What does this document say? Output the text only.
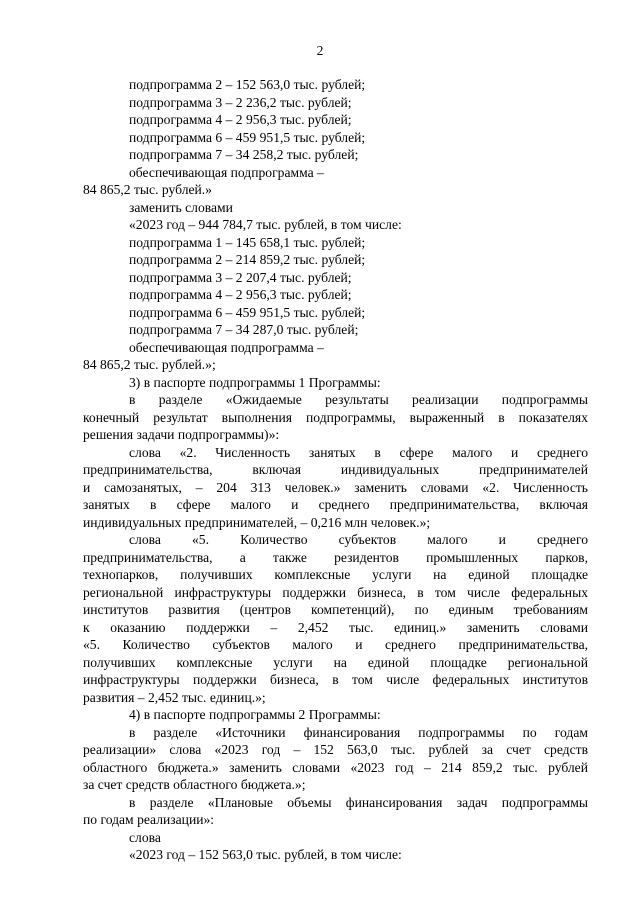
2
подпрограмма 2 – 152 563,0 тыс. рублей;
подпрограмма 3 – 2 236,2 тыс. рублей;
подпрограмма 4 – 2 956,3 тыс. рублей;
подпрограмма 6 – 459 951,5 тыс. рублей;
подпрограмма 7 – 34 258,2 тыс. рублей;
обеспечивающая подпрограмма –
84 865,2 тыс. рублей.»
заменить словами
«2023 год – 944 784,7 тыс. рублей, в том числе:
подпрограмма 1 – 145 658,1 тыс. рублей;
подпрограмма 2 – 214 859,2 тыс. рублей;
подпрограмма 3 – 2 207,4 тыс. рублей;
подпрограмма 4 – 2 956,3 тыс. рублей;
подпрограмма 6 – 459 951,5 тыс. рублей;
подпрограмма 7 – 34 287,0 тыс. рублей;
обеспечивающая подпрограмма –
84 865,2 тыс. рублей.»;
3) в паспорте подпрограммы 1 Программы:

в разделе «Ожидаемые результаты реализации подпрограммы
конечный результат выполнения подпрограммы, выраженный в показателях
решения задачи подпрограммы)»:

слова «2. Численность занятых в сфере малого и среднего
предпринимательства, включая индивидуальных предпринимателей
и самозанятых, – 204 313 человек.» заменить словами «2. Численность
занятых в сфере малого и среднего предпринимательства, включая
индивидуальных предпринимателей, – 0,216 млн человек.»;

слова «5. Количество субъектов малого и среднего
предпринимательства, а также резидентов промышленных парков,
технопарков, получивших комплексные услуги на единой площадке
региональной инфраструктуры поддержки бизнеса, в том числе федеральных
институтов развития (центров компетенций), по единым требованиям
к оказанию поддержки – 2,452 тыс. единиц.» заменить словами
«5. Количество субъектов малого и среднего предпринимательства,
получивших комплексные услуги на единой площадке региональной
инфраструктуры поддержки бизнеса, в том числе федеральных институтов
развития – 2,452 тыс. единиц.»;

4) в паспорте подпрограммы 2 Программы:

в разделе «Источники финансирования подпрограммы по годам
реализации» слова «2023 год – 152 563,0 тыс. рублей за счет средств
областного бюджета.» заменить словами «2023 год – 214 859,2 тыс. рублей
за счет средств областного бюджета.»;

в разделе «Плановые объемы финансирования задач подпрограммы
по годам реализации»:

слова
«2023 год – 152 563,0 тыс. рублей, в том числе:
